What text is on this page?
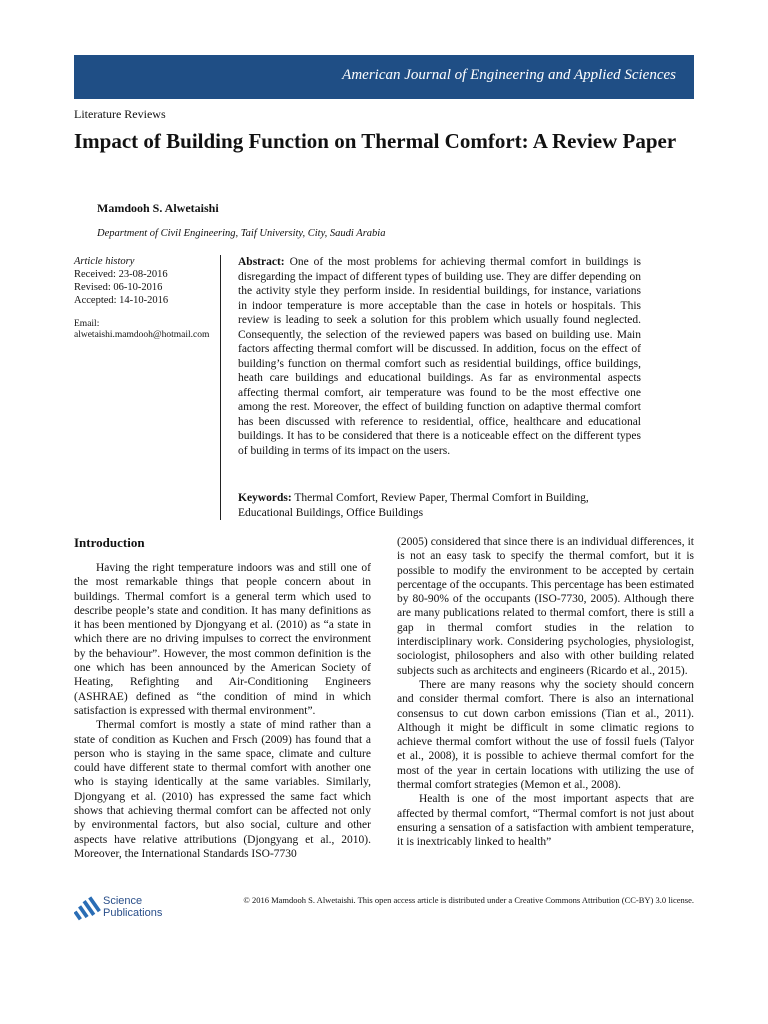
American Journal of Engineering and Applied Sciences
Literature Reviews
Impact of Building Function on Thermal Comfort: A Review Paper
Mamdooh S. Alwetaishi
Department of Civil Engineering, Taif University, City, Saudi Arabia
Article history
Received: 23-08-2016
Revised: 06-10-2016
Accepted: 14-10-2016
Email:
alwetaishi.mamdooh@hotmail.com

Abstract: One of the most problems for achieving thermal comfort in buildings is disregarding the impact of different types of building use. They are differ depending on the activity style they perform inside. In residential buildings, for instance, variations in indoor temperature is more acceptable than the case in hotels or hospitals. This review is leading to seek a solution for this problem which usually found neglected. Consequently, the selection of the reviewed papers was based on building use. Main factors affecting thermal comfort will be discussed. In addition, focus on the effect of building’s function on thermal comfort such as residential buildings, office buildings, heath care buildings and educational buildings. As far as environmental aspects affecting thermal comfort, air temperature was found to be the most effective one among the rest. Moreover, the effect of building function on adaptive thermal comfort has been discussed with reference to residential, office, healthcare and educational buildings. It has to be considered that there is a noticeable effect on the different types of building in terms of its impact on the users.

Keywords: Thermal Comfort, Review Paper, Thermal Comfort in Building, Educational Buildings, Office Buildings

Introduction

Having the right temperature indoors was and still one of the most remarkable things that people concern about in buildings. Thermal comfort is a general term which used to describe people’s state and condition. It has many definitions as it has been mentioned by Djongyang et al. (2010) as “a state in which there are no driving impulses to correct the environment by the behaviour”. However, the most common definition is the one which has been announced by the American Society of Heating, Refighting and Air-Conditioning Engineers (ASHRAE) defined as “the condition of mind in which satisfaction is expressed with thermal environment”.

Thermal comfort is mostly a state of mind rather than a state of condition as Kuchen and Frsch (2009) has found that a person who is staying in the same space, climate and culture could have different state to thermal comfort with another one who is staying identically at the same variables. Similarly, Djongyang et al. (2010) has expressed the same fact which shows that achieving thermal comfort can be affected not only by environmental factors, but also social, culture and other aspects have relative attributions (Djongyang et al., 2010). Moreover, the International Standards ISO-7730

(2005) considered that since there is an individual differences, it is not an easy task to specify the thermal comfort, but it is possible to modify the environment to be accepted by certain percentage of the occupants. This percentage has been estimated by 80-90% of the occupants (ISO-7730, 2005). Although there are many publications related to thermal comfort, there is still a gap in thermal comfort studies in the relation to interdisciplinary work. Considering psychologies, physiologist, sociologist, philosophers and also with other building related subjects such as architects and engineers (Ricardo et al., 2015).

There are many reasons why the society should concern and consider thermal comfort. There is also an international consensus to cut down carbon emissions (Tian et al., 2011). Although it might be difficult in some climatic regions to achieve thermal comfort without the use of fossil fuels (Talyor et al., 2008), it is possible to achieve thermal comfort for the most of the year in certain locations with utilizing the use of thermal comfort strategies (Memon et al., 2008).

Health is one of the most important aspects that are affected by thermal comfort, “Thermal comfort is not just about ensuring a sensation of a satisfaction with ambient temperature, it is inextricably linked to health”

Science
Publications
© 2016 Mamdooh S. Alwetaishi. This open access article is distributed under a Creative Commons Attribution (CC-BY) 3.0 license.
